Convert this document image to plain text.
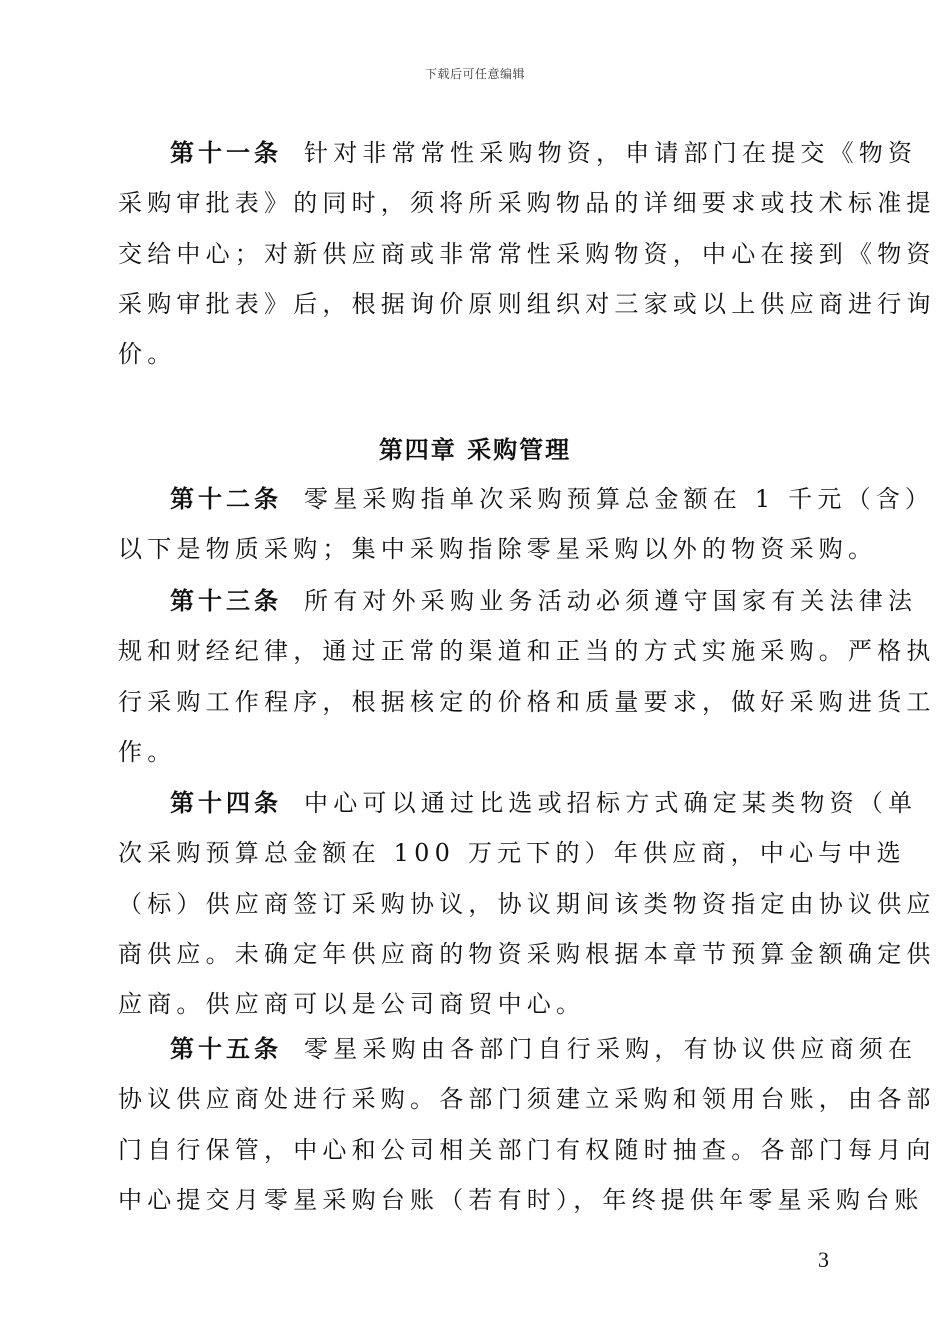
下载后可任意编辑
第十一条 针对非常常性采购物资，申请部门在提交《物资
采购审批表》的同时，须将所采购物品的详细要求或技术标准提
交给中心；对新供应商或非常常性采购物资，中心在接到《物资
采购审批表》后，根据询价原则组织对三家或以上供应商进行询
价。
第四章 采购管理
第十二条 零星采购指单次采购预算总金额在 1 千元（含）
以下是物质采购；集中采购指除零星采购以外的物资采购。
第十三条 所有对外采购业务活动必须遵守国家有关法律法
规和财经纪律，通过正常的渠道和正当的方式实施采购。严格执
行采购工作程序，根据核定的价格和质量要求，做好采购进货工
作。
第十四条 中心可以通过比选或招标方式确定某类物资（单
次采购预算总金额在 100 万元下的）年供应商，中心与中选
（标）供应商签订采购协议，协议期间该类物资指定由协议供应
商供应。未确定年供应商的物资采购根据本章节预算金额确定供
应商。供应商可以是公司商贸中心。
第十五条 零星采购由各部门自行采购，有协议供应商须在
协议供应商处进行采购。各部门须建立采购和领用台账，由各部
门自行保管，中心和公司相关部门有权随时抽查。各部门每月向
中心提交月零星采购台账（若有时），年终提供年零星采购台账
3
